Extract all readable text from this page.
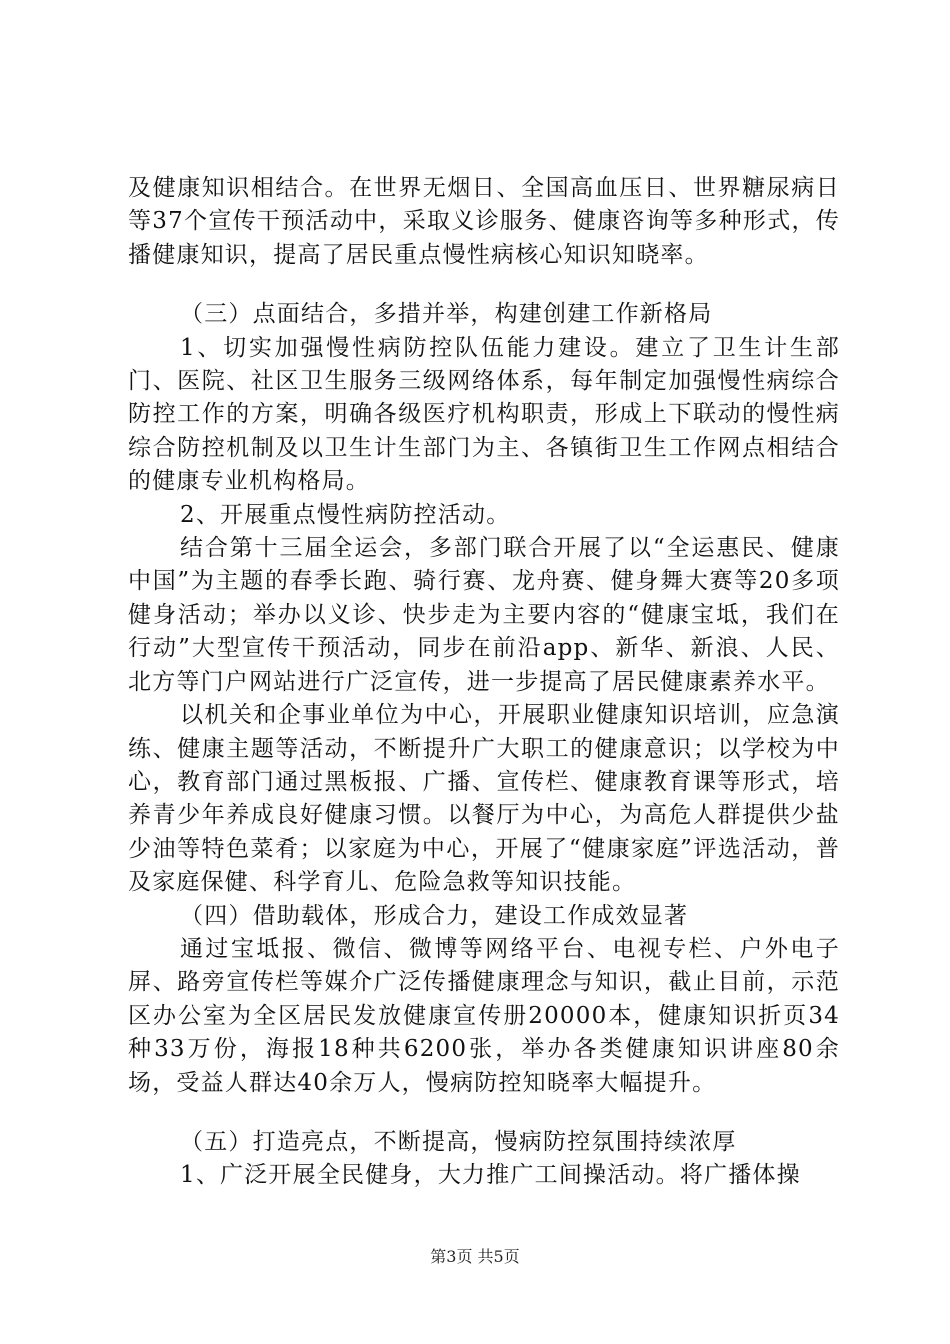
及健康知识相结合。在世界无烟日、全国高血压日、世界糖尿病日等37个宣传干预活动中，采取义诊服务、健康咨询等多种形式，传播健康知识，提高了居民重点慢性病核心知识知晓率。

（三）点面结合，多措并举，构建创建工作新格局

1、切实加强慢性病防控队伍能力建设。建立了卫生计生部门、医院、社区卫生服务三级网络体系，每年制定加强慢性病综合防控工作的方案，明确各级医疗机构职责，形成上下联动的慢性病综合防控机制及以卫生计生部门为主、各镇街卫生工作网点相结合的健康专业机构格局。

2、开展重点慢性病防控活动。

结合第十三届全运会，多部门联合开展了以“全运惠民、健康中国”为主题的春季长跑、骑行赛、龙舟赛、健身舞大赛等20多项健身活动；举办以义诊、快步走为主要内容的“健康宝坻，我们在行动”大型宣传干预活动，同步在前沿app、新华、新浪、人民、北方等门户网站进行广泛宣传，进一步提高了居民健康素养水平。

以机关和企事业单位为中心，开展职业健康知识培训，应急演练、健康主题等活动，不断提升广大职工的健康意识；以学校为中心，教育部门通过黑板报、广播、宣传栏、健康教育课等形式，培养青少年养成良好健康习惯。以餐厅为中心，为高危人群提供少盐少油等特色菜肴；以家庭为中心，开展了“健康家庭”评选活动，普及家庭保健、科学育儿、危险急救等知识技能。

（四）借助载体，形成合力，建设工作成效显著

通过宝坻报、微信、微博等网络平台、电视专栏、户外电子屏、路旁宣传栏等媒介广泛传播健康理念与知识，截止目前，示范区办公室为全区居民发放健康宣传册20000本，健康知识折页34种33万份，海报18种共6200张，举办各类健康知识讲座80余场，受益人群达40余万人，慢病防控知晓率大幅提升。

（五）打造亮点，不断提高，慢病防控氛围持续浓厚

1、广泛开展全民健身，大力推广工间操活动。将广播体操

第3页 共5页
